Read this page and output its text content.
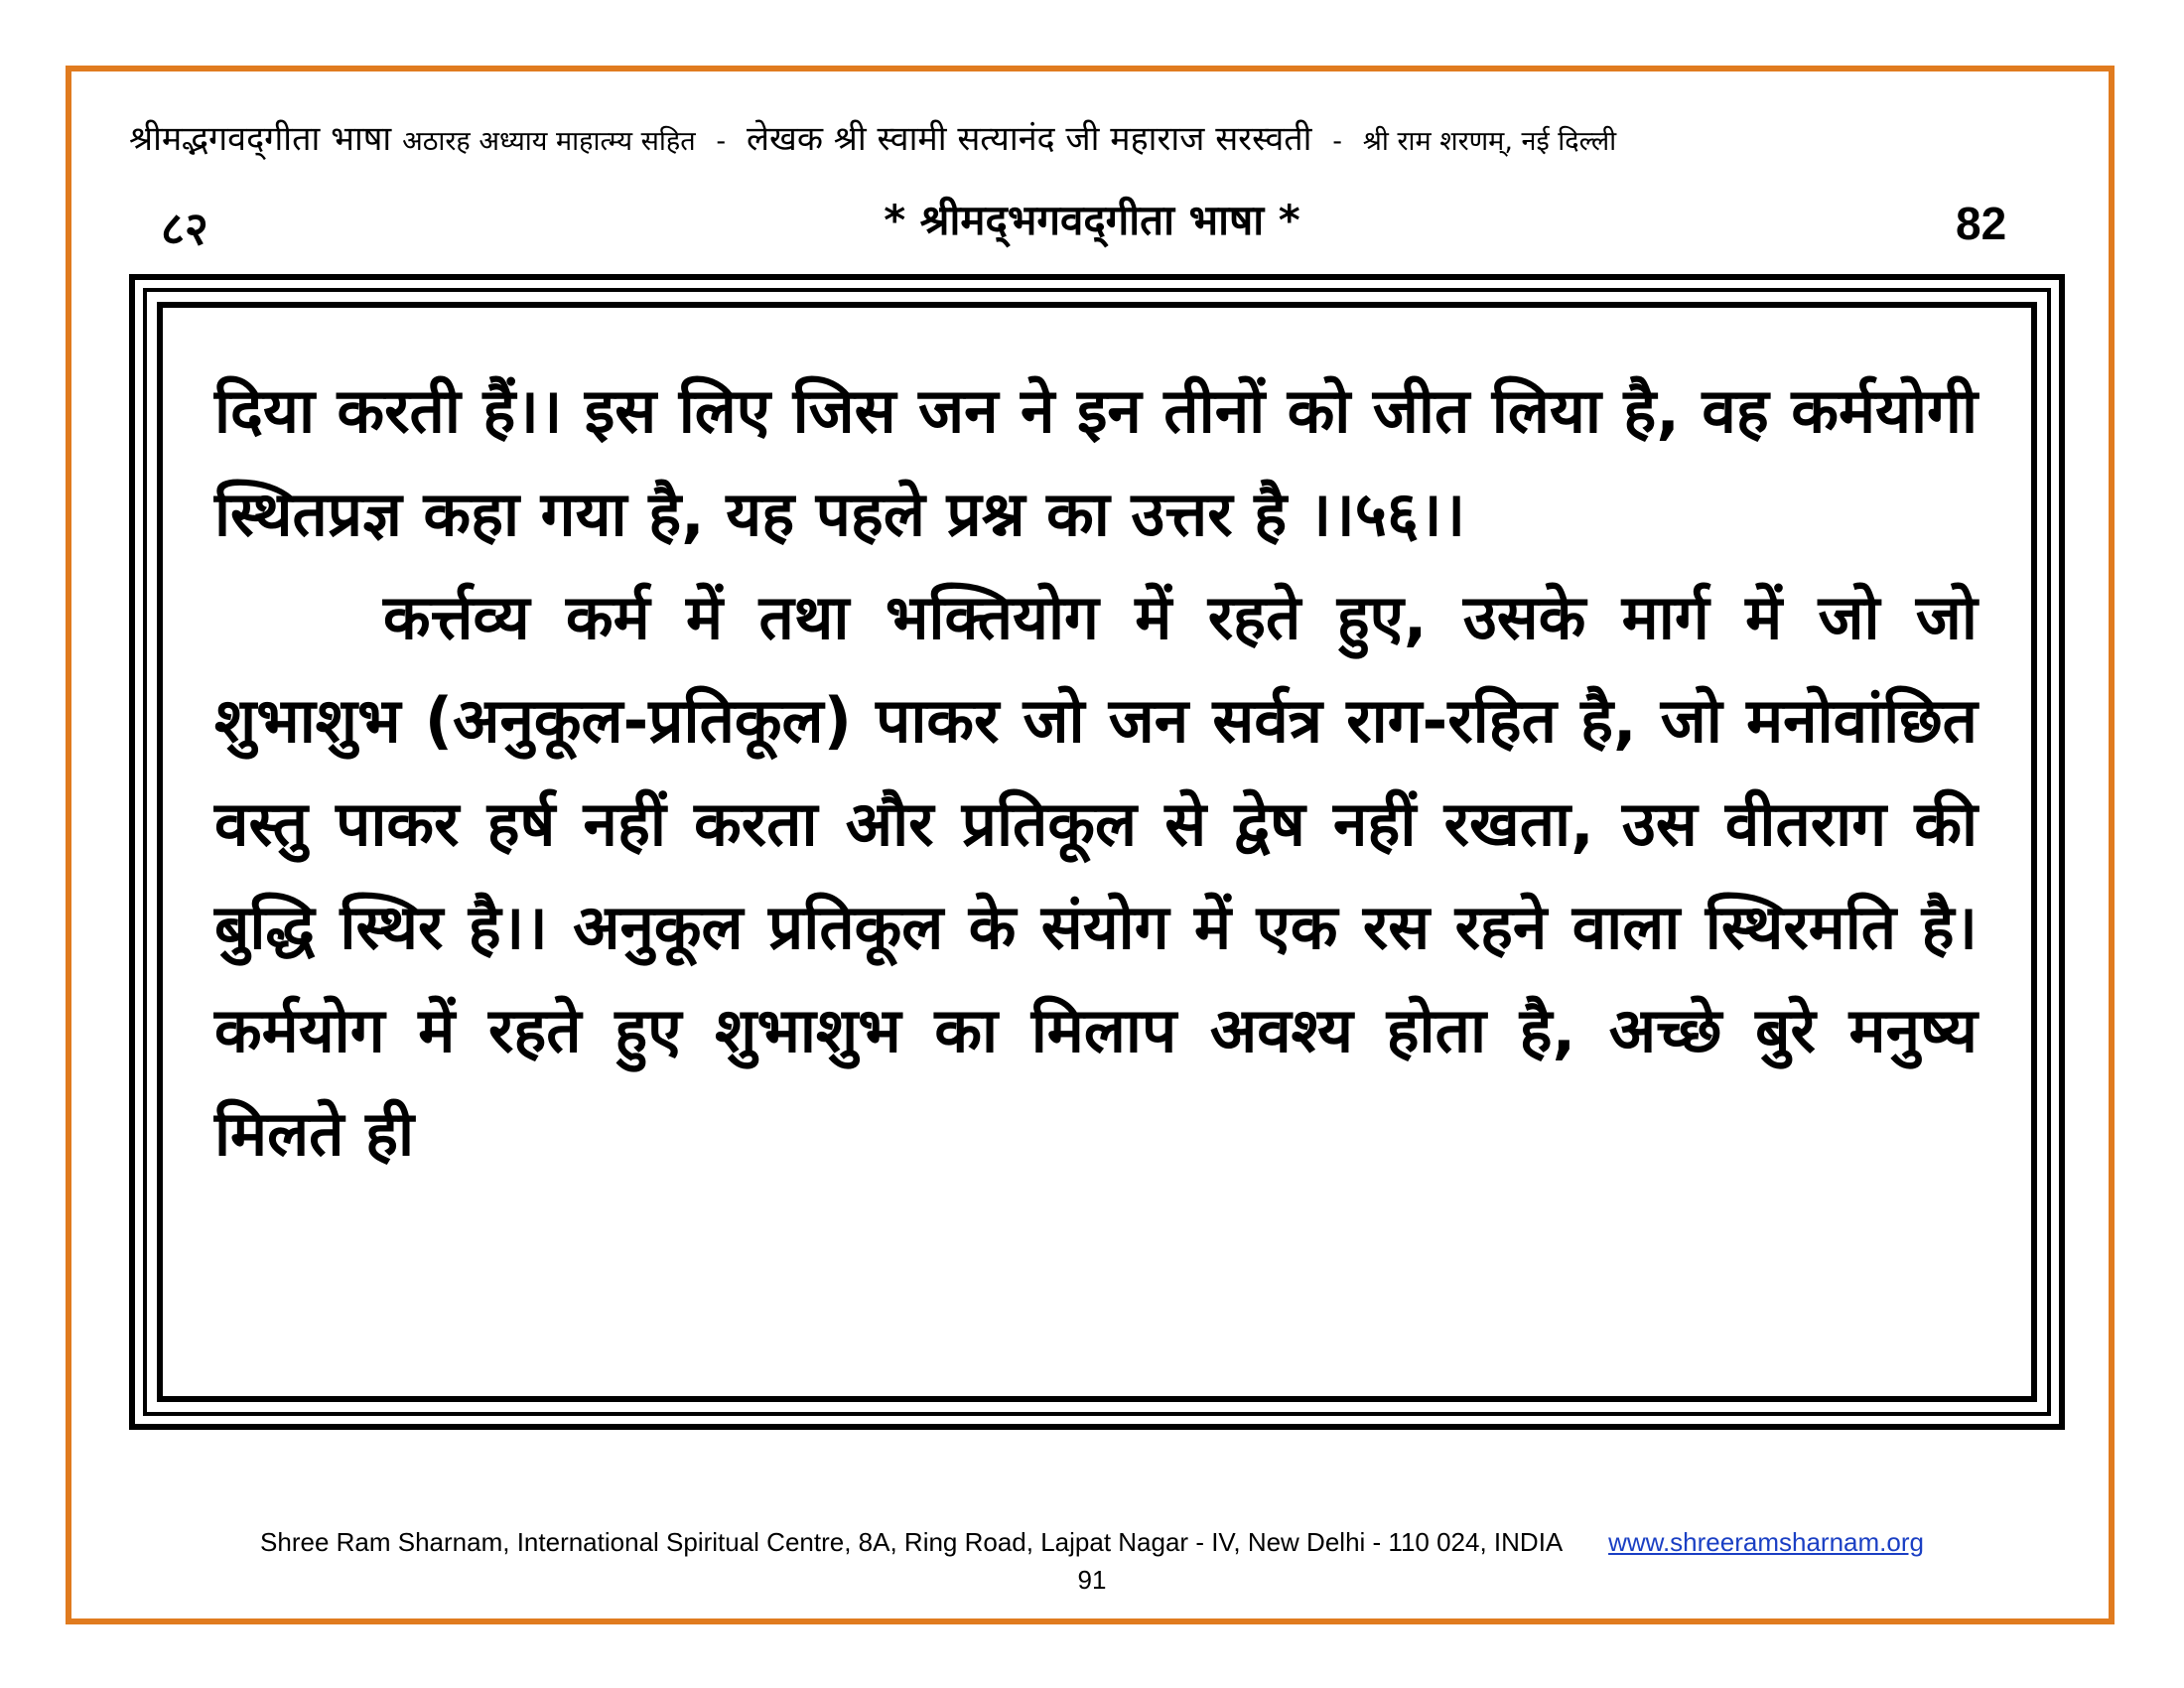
श्रीमद्भगवद्‌गीता भाषा अठारह अध्याय माहात्म्य सहित - लेखक श्री स्वामी सत्यानंद जी महाराज सरस्वती - श्री राम शरणम्, नई दिल्ली
८२	* श्रीमद्‌भगवद्‌गीता भाषा *	82

दिया करती हैं।। इस लिए जिस जन ने इन तीनों को जीत लिया है, वह कर्मयोगी स्थितप्रज्ञ कहा गया है, यह पहले प्रश्न का उत्तर है ।।५६।।

कर्त्तव्य कर्म में तथा भक्तियोग में रहते हुए, उसके मार्ग में जो जो शुभाशुभ (अनुकूल-प्रतिकूल) पाकर जो जन सर्वत्र राग-रहित है, जो मनोवांछित वस्तु पाकर हर्ष नहीं करता और प्रतिकूल से द्वेष नहीं रखता, उस वीतराग की बुद्धि स्थिर है।। अनुकूल प्रतिकूल के संयोग में एक रस रहने वाला स्थिरमति है। कर्मयोग में रहते हुए शुभाशुभ का मिलाप अवश्य होता है, अच्छे बुरे मनुष्य मिलते ही

Shree Ram Sharnam, International Spiritual Centre, 8A, Ring Road, Lajpat Nagar - IV, New Delhi - 110 024, INDIA www.shreeramsharnam.org
91
